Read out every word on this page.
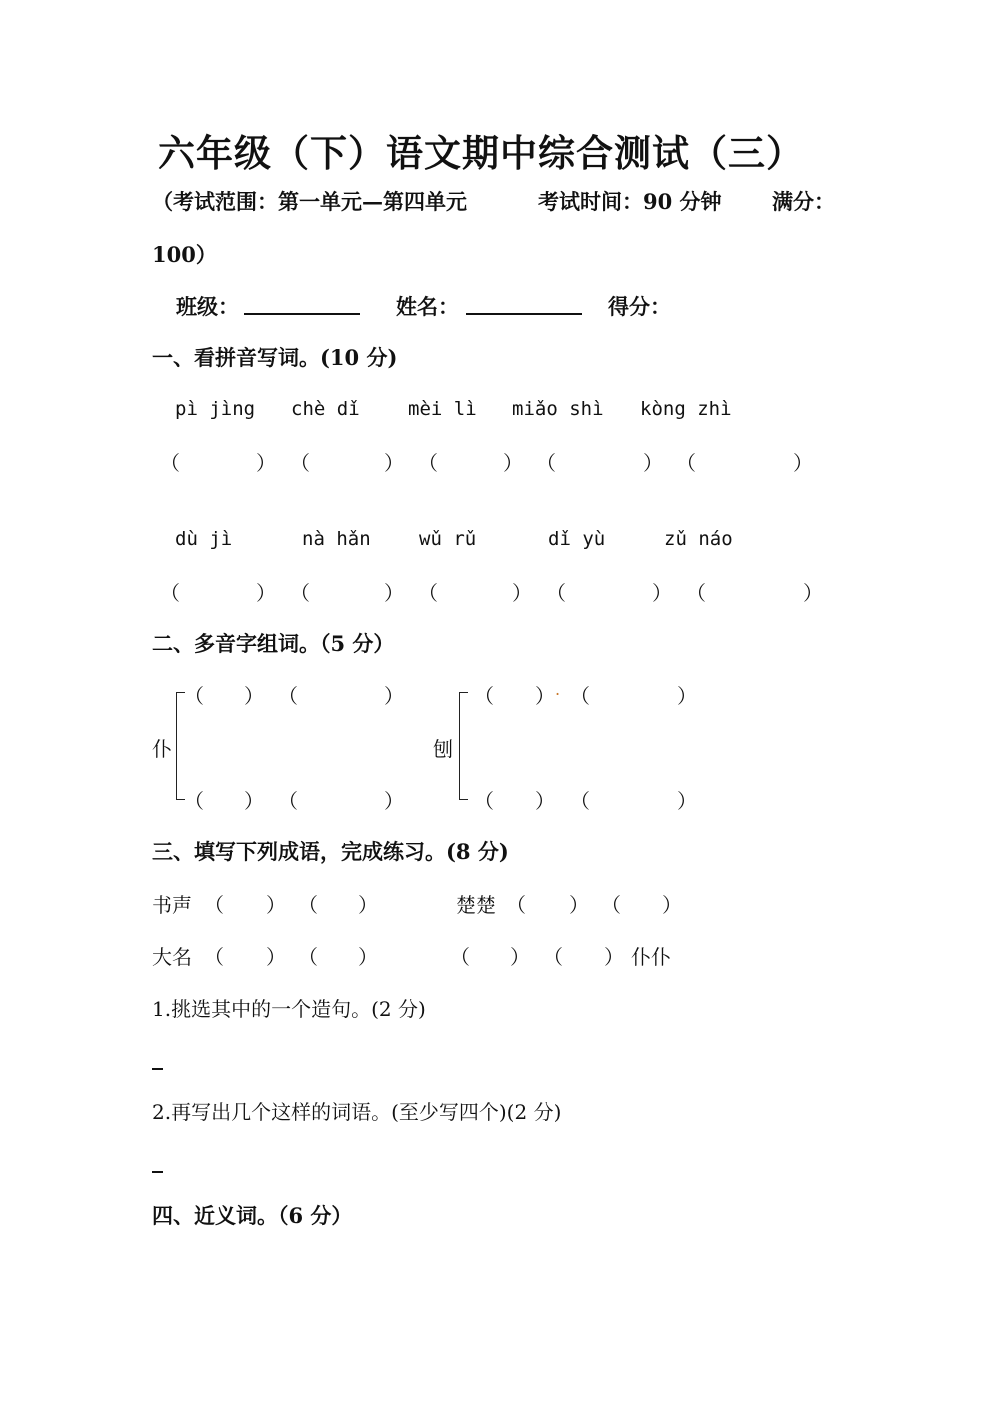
六年级（下）语文期中综合测试（三）
（考试范围：第一单元—第四单元	考试时间：90 分钟 满分：
100）
班级：	姓名：	得分：
一、看拼音写词。(10 分)
pì jìng chè dǐ	mèi lì miǎo shì kòng zhì
（	） （	） （	） （	） （	）
dù jì	nà hǎn	wǔ rǔ	dǐ yù	zǔ náo
（	） （	） （	） （	） （	）
二、多音字组词。（5 分）
仆
（ ） （	）
（ ） （	）
刨
（ ） . （	）
（ ） （	）
三、填写下列成语，完成练习。(8 分)
书声 （ ） （ ）	楚楚 （ ） （ ）
大名 （ ） （ ）	（ ） （ ） 仆仆
1.挑选其中的一个造句。(2 分)
2.再写出几个这样的词语。(至少写四个)(2 分)
四、近义词。（6 分）
